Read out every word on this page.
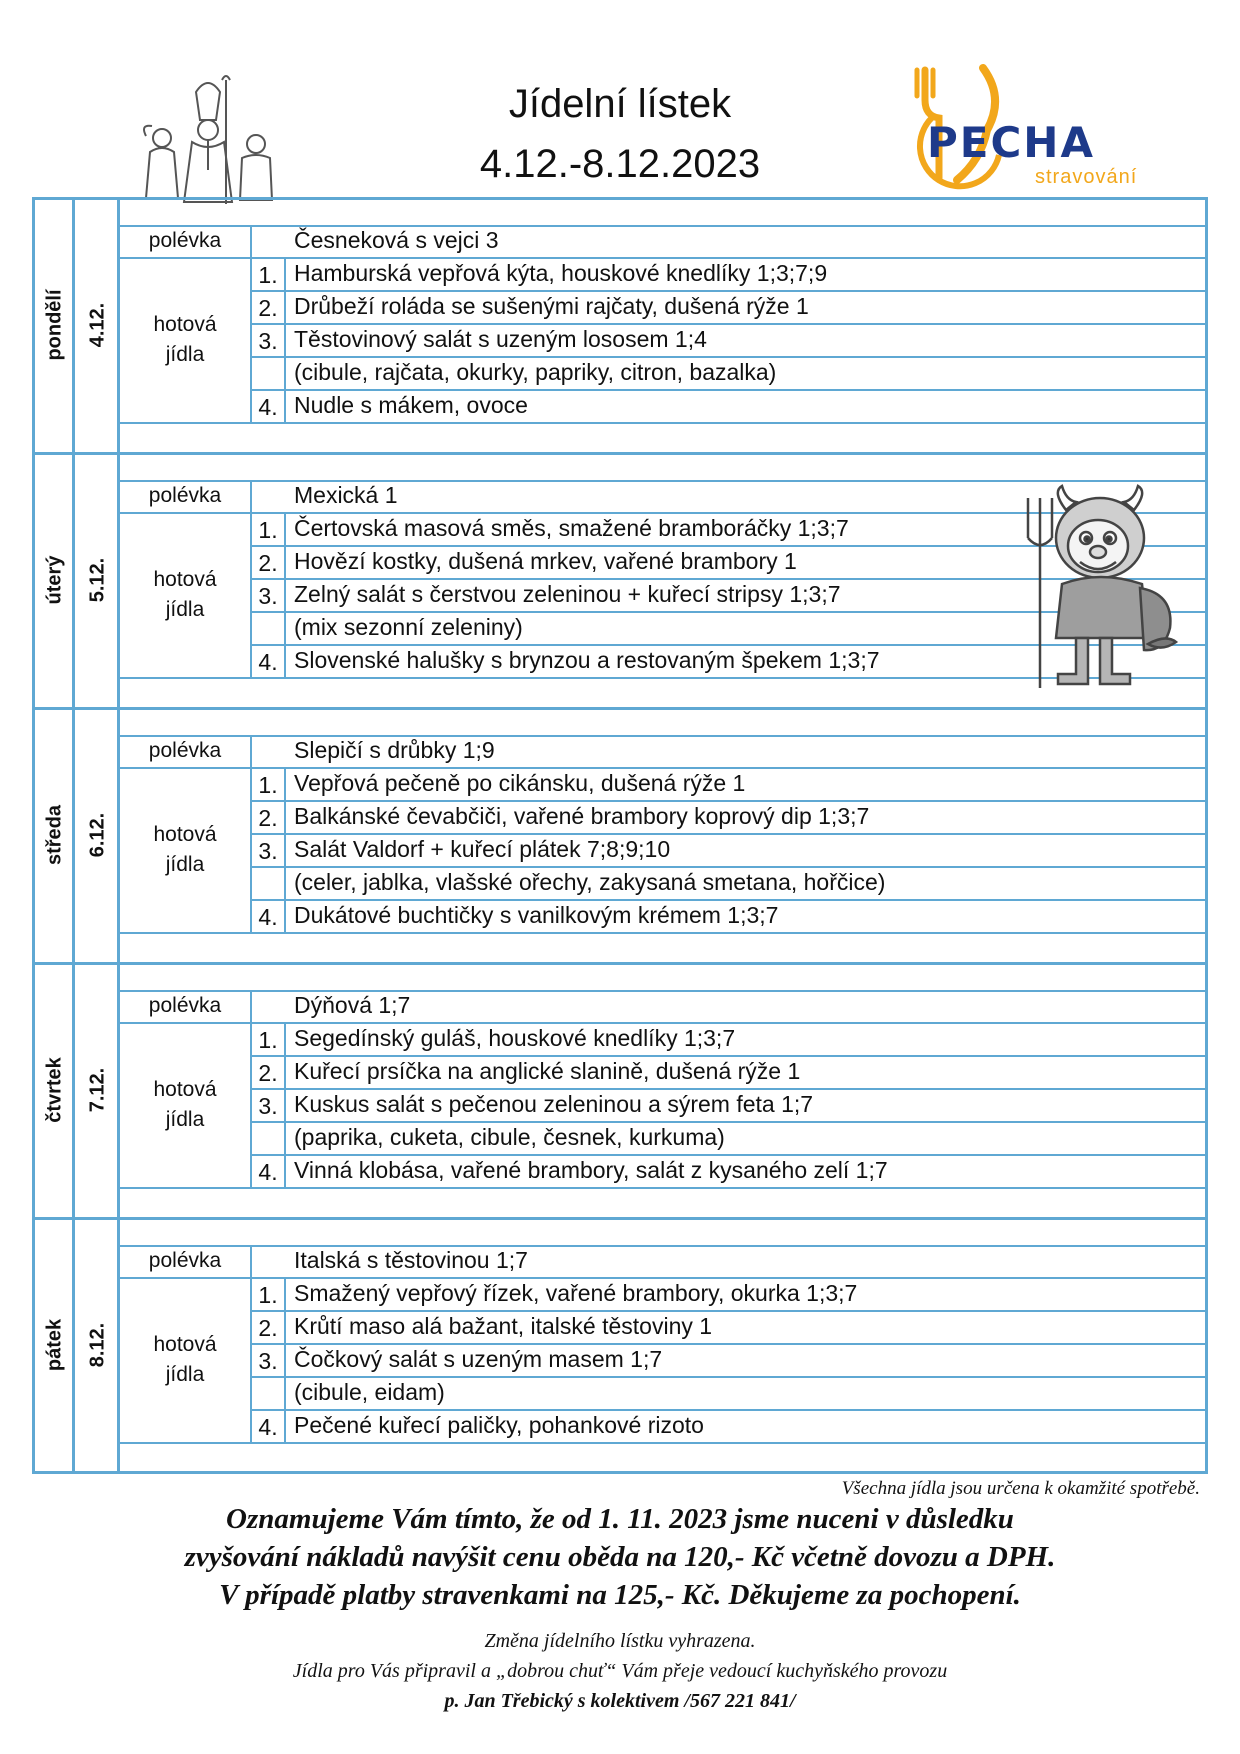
Jídelní lístek
4.12.-8.12.2023	PECHA
stravování
pondělí 4.12.
polévka	Česneková s vejci 3
hotová
jídla
1. Hamburská vepřová kýta, houskové knedlíky 1;3;7;9
2. Drůbeží roláda se sušenými rajčaty, dušená rýže 1
3. Těstovinový salát s uzeným lososem 1;4
(cibule, rajčata, okurky, papriky, citron, bazalka)
4. Nudle s mákem, ovoce
úterý 5.12.
polévka	Mexická 1
hotová
jídla
1. Čertovská masová směs, smažené bramboráčky 1;3;7
2. Hovězí kostky, dušená mrkev, vařené brambory 1
3. Zelný salát s čerstvou zeleninou + kuřecí stripsy 1;3;7
(mix sezonní zeleniny)
4. Slovenské halušky s brynzou a restovaným špekem 1;3;7
středa 6.12.
polévka	Slepičí s drůbky 1;9
hotová
jídla
1. Vepřová pečeně po cikánsku, dušená rýže 1
2. Balkánské čevabčiči, vařené brambory koprový dip 1;3;7
3. Salát Valdorf + kuřecí plátek 7;8;9;10
(celer, jablka, vlašské ořechy, zakysaná smetana, hořčice)
4. Dukátové buchtičky s vanilkovým krémem 1;3;7
čtvrtek 7.12.
polévka	Dýňová 1;7
hotová
jídla
1. Segedínský guláš, houskové knedlíky 1;3;7
2. Kuřecí prsíčka na anglické slanině, dušená rýže 1
3. Kuskus salát s pečenou zeleninou a sýrem feta 1;7
(paprika, cuketa, cibule, česnek, kurkuma)
4. Vinná klobása, vařené brambory, salát z kysaného zelí 1;7
pátek 8.12.
polévka	Italská s těstovinou 1;7
hotová
jídla
1. Smažený vepřový řízek, vařené brambory, okurka 1;3;7
2. Krůtí maso alá bažant, italské těstoviny 1
3. Čočkový salát s uzeným masem 1;7
(cibule, eidam)
4. Pečené kuřecí paličky, pohankové rizoto
Všechna jídla jsou určena k okamžité spotřebě.
Oznamujeme Vám tímto, že od 1. 11. 2023 jsme nuceni v důsledku
zvyšování nákladů navýšit cenu oběda na 120,- Kč včetně dovozu a DPH.
V případě platby stravenkami na 125,- Kč. Děkujeme za pochopení.
Změna jídelního lístku vyhrazena.
Jídla pro Vás připravil a „dobrou chuť“ Vám přeje vedoucí kuchyňského provozu
p. Jan Třebický s kolektivem /567 221 841/
